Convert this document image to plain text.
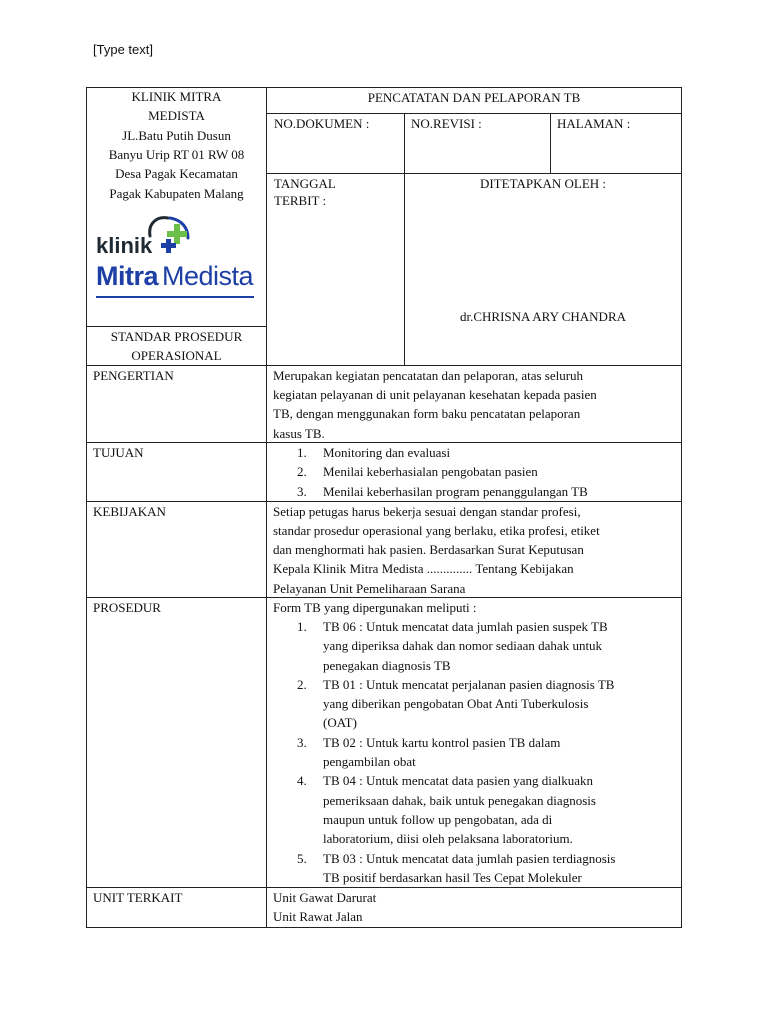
[Type text]
KLINIK MITRA
MEDISTA
JL.Batu Putih Dusun
Banyu Urip RT 01 RW 08
Desa Pagak Kecamatan
Pagak Kabupaten Malang
klinik
Mitra Medista
STANDAR PROSEDUR
OPERASIONAL
PENCATATAN DAN PELAPORAN TB
NO.DOKUMEN :	NO.REVISI :	HALAMAN :
TANGGAL
TERBIT :
DITETAPKAN OLEH :
dr.CHRISNA ARY CHANDRA
PENGERTIAN	Merupakan kegiatan pencatatan dan pelaporan, atas seluruh
kegiatan pelayanan di unit pelayanan kesehatan kepada pasien
TB, dengan menggunakan form baku pencatatan pelaporan
kasus TB.
TUJUAN	1. Monitoring dan evaluasi
2. Menilai keberhasialan pengobatan pasien
3. Menilai keberhasilan program penanggulangan TB
KEBIJAKAN	Setiap petugas harus bekerja sesuai dengan standar profesi,
standar prosedur operasional yang berlaku, etika profesi, etiket
dan menghormati hak pasien. Berdasarkan Surat Keputusan
Kepala Klinik Mitra Medista .............. Tentang Kebijakan
Pelayanan Unit Pemeliharaan Sarana
PROSEDUR	Form TB yang dipergunakan meliputi :
1. TB 06 : Untuk mencatat data jumlah pasien suspek TB
yang diperiksa dahak dan nomor sediaan dahak untuk
penegakan diagnosis TB
2. TB 01 : Untuk mencatat perjalanan pasien diagnosis TB
yang diberikan pengobatan Obat Anti Tuberkulosis
(OAT)
3. TB 02 : Untuk kartu kontrol pasien TB dalam
pengambilan obat
4. TB 04 : Untuk mencatat data pasien yang dialkuakn
pemeriksaan dahak, baik untuk penegakan diagnosis
maupun untuk follow up pengobatan, ada di
laboratorium, diisi oleh pelaksana laboratorium.
5. TB 03 : Untuk mencatat data jumlah pasien terdiagnosis
TB positif berdasarkan hasil Tes Cepat Molekuler
UNIT TERKAIT	Unit Gawat Darurat
Unit Rawat Jalan
